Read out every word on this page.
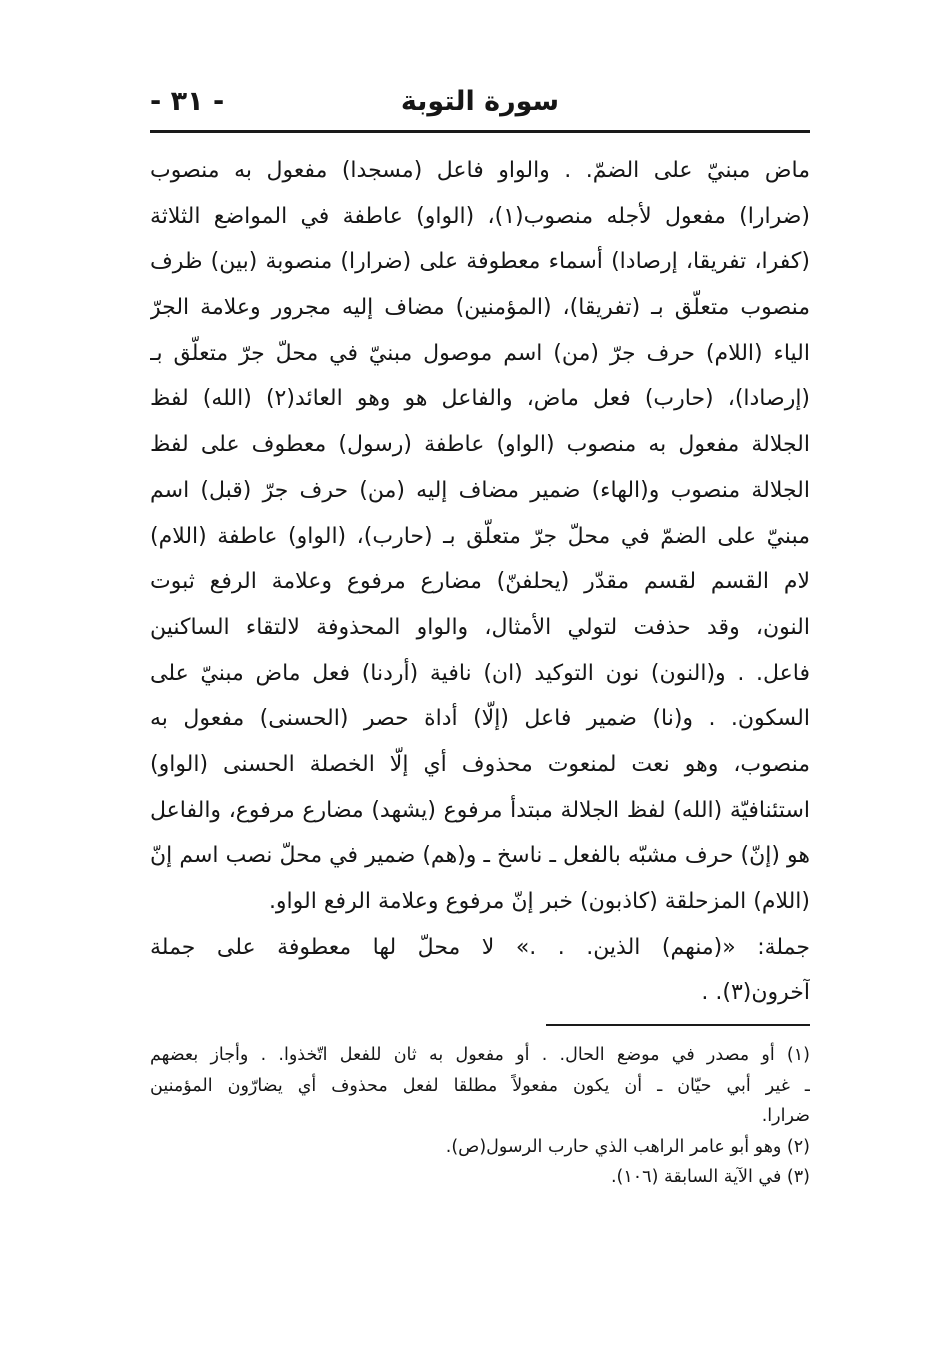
- ٣١ -	سورة التوبة
ماض مبنيّ على الضمّ. . والواو فاعل (مسجدا) مفعول به منصوب
(ضرارا) مفعول لأجله منصوب(١)، (الواو) عاطفة في المواضع الثلاثة
(كفرا، تفريقا، إرصادا) أسماء معطوفة على (ضرارا) منصوبة (بين) ظرف
منصوب متعلّق بـ (تفريقا)، (المؤمنين) مضاف إليه مجرور وعلامة الجرّ
الياء (اللام) حرف جرّ (من) اسم موصول مبنيّ في محلّ جرّ متعلّق بـ
(إرصادا)، (حارب) فعل ماض، والفاعل هو وهو العائد(٢) (الله) لفظ
الجلالة مفعول به منصوب (الواو) عاطفة (رسول) معطوف على لفظ
الجلالة منصوب و(الهاء) ضمير مضاف إليه (من) حرف جرّ (قبل) اسم
مبنيّ على الضمّ في محلّ جرّ متعلّق بـ (حارب)، (الواو) عاطفة (اللام)
لام القسم لقسم مقدّر (يحلفنّ) مضارع مرفوع وعلامة الرفع ثبوت
النون، وقد حذفت لتولي الأمثال، والواو المحذوفة لالتقاء الساكنين
فاعل. . و(النون) نون التوكيد (ان) نافية (أردنا) فعل ماض مبنيّ على
السكون. . و(نا) ضمير فاعل (إلّا) أداة حصر (الحسنى) مفعول به
منصوب، وهو نعت لمنعوت محذوف أي إلّا الخصلة الحسنى (الواو)
استئنافيّة (الله) لفظ الجلالة مبتدأ مرفوع (يشهد) مضارع مرفوع، والفاعل
هو (إنّ) حرف مشبّه بالفعل ـ ناسخ ـ و(هم) ضمير في محلّ نصب اسم إنّ
(اللام) المزحلقة (كاذبون) خبر إنّ مرفوع وعلامة الرفع الواو.
جملة: «(منهم) الذين. . .» لا محلّ لها معطوفة على جملة
آخرون(٣). .
(١) أو مصدر في موضع الحال. . أو مفعول به ثان للفعل اتّخذوا. . وأجاز بعضهم
ـ غير أبي حيّان ـ أن يكون مفعولاً مطلقا لفعل محذوف أي يضارّون المؤمنين
ضرارا.
(٢) وهو أبو عامر الراهب الذي حارب الرسول(ص).
(٣) في الآية السابقة (١٠٦).
